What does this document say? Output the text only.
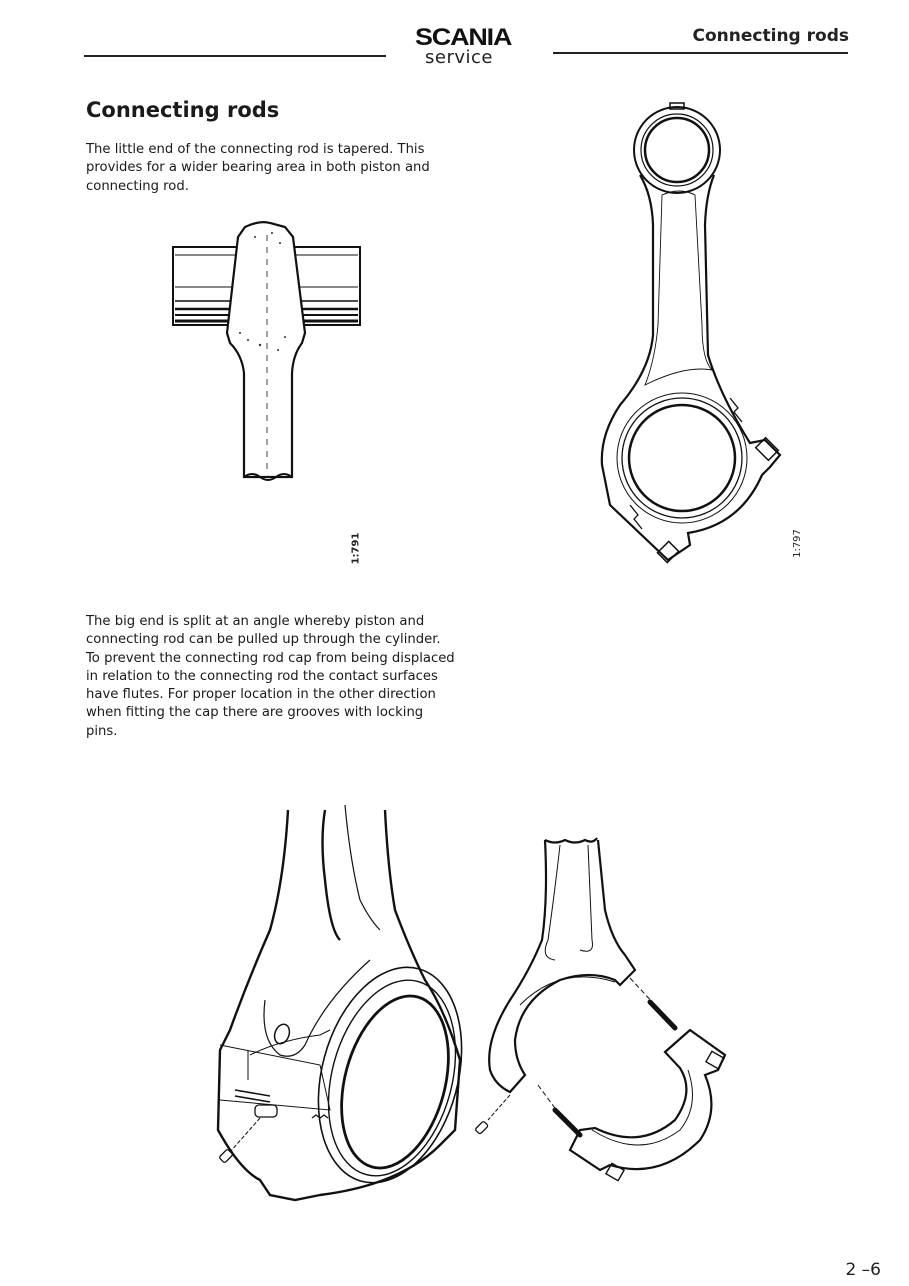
SCANIA
service
Connecting rods
Connecting rods
The little end of the connecting rod is tapered. This provides for a wider bearing area in both piston and connecting rod.
The big end is split at an angle whereby piston and connecting rod can be pulled up through the cylinder. To prevent the connecting rod cap from being displaced in relation to the connecting rod the contact surfaces have flutes. For proper location in the other direction when fitting the cap there are grooves with locking pins.
1:791	1:797
2 –6
